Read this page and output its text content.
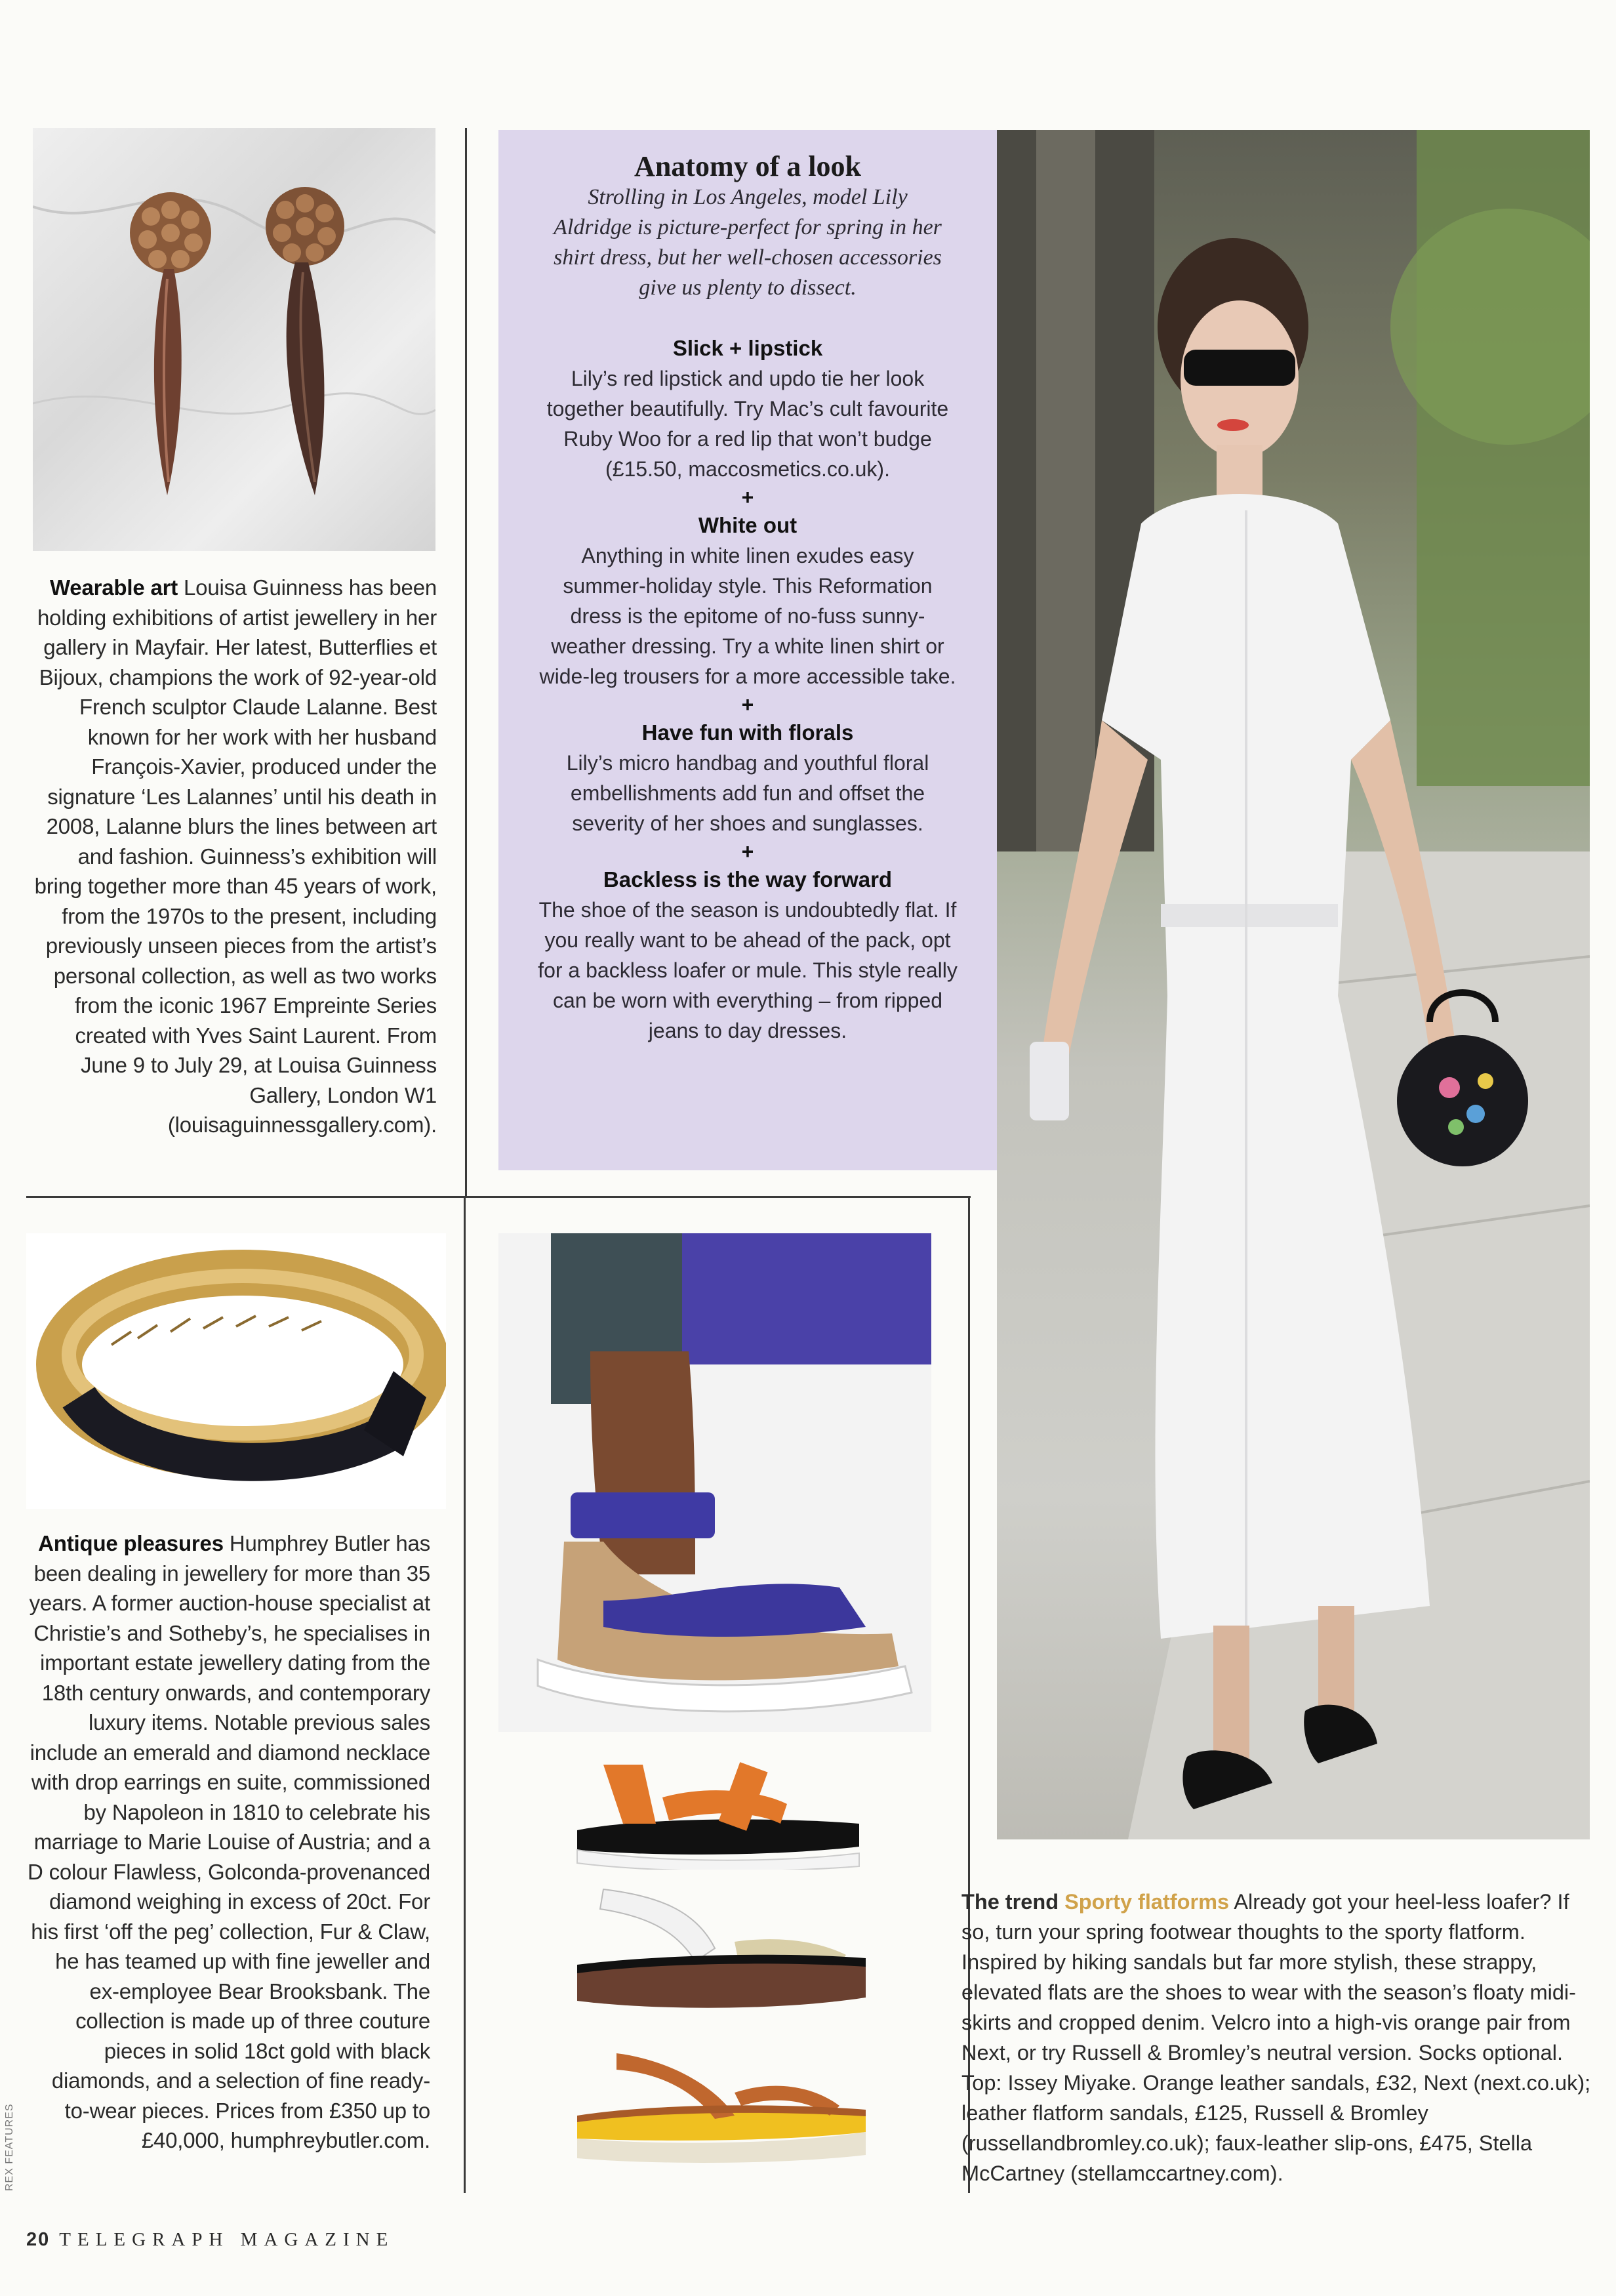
Wearable art Louisa Guinness has been holding exhibitions of artist jewellery in her gallery in Mayfair. Her latest, Butterflies et Bijoux, champions the work of 92-year-old French sculptor Claude Lalanne. Best known for her work with her husband François-Xavier, produced under the signature ‘Les Lalannes’ until his death in 2008, Lalanne blurs the lines between art and fashion. Guinness’s exhibition will bring together more than 45 years of work, from the 1970s to the present, including previously unseen pieces from the artist’s personal collection, as well as two works from the iconic 1967 Empreinte Series created with Yves Saint Laurent. From June 9 to July 29, at Louisa Guinness Gallery, London W1 (louisaguinnessgallery.com).
Anatomy of a look
Strolling in Los Angeles, model Lily Aldridge is picture-perfect for spring in her shirt dress, but her well-chosen accessories give us plenty to dissect.
Slick + lipstick
Lily’s red lipstick and updo tie her look together beautifully. Try Mac’s cult favourite Ruby Woo for a red lip that won’t budge (£15.50, maccosmetics.co.uk).
+
White out
Anything in white linen exudes easy summer-holiday style. This Reformation dress is the epitome of no-fuss sunny-weather dressing. Try a white linen shirt or wide-leg trousers for a more accessible take.
+
Have fun with florals
Lily’s micro handbag and youthful floral embellishments add fun and offset the severity of her shoes and sunglasses.
+
Backless is the way forward
The shoe of the season is undoubtedly flat. If you really want to be ahead of the pack, opt for a backless loafer or mule. This style really can be worn with everything – from ripped jeans to day dresses.
Antique pleasures Humphrey Butler has been dealing in jewellery for more than 35 years. A former auction-house specialist at Christie’s and Sotheby’s, he specialises in important estate jewellery dating from the 18th century onwards, and contemporary luxury items. Notable previous sales include an emerald and diamond necklace with drop earrings en suite, commissioned by Napoleon in 1810 to celebrate his marriage to Marie Louise of Austria; and a D colour Flawless, Golconda-provenanced diamond weighing in excess of 20ct. For his first ‘off the peg’ collection, Fur & Claw, he has teamed up with fine jeweller and ex-employee Bear Brooksbank. The collection is made up of three couture pieces in solid 18ct gold with black diamonds, and a selection of fine ready-to-wear pieces. Prices from £350 up to £40,000, humphreybutler.com.
The trend Sporty flatforms Already got your heel-less loafer? If so, turn your spring footwear thoughts to the sporty flatform. Inspired by hiking sandals but far more stylish, these strappy, elevated flats are the shoes to wear with the season’s floaty midi-skirts and cropped denim. Velcro into a high-vis orange pair from Next, or try Russell & Bromley’s neutral version. Socks optional. Top: Issey Miyake. Orange leather sandals, £32, Next (next.co.uk); leather flatform sandals, £125, Russell & Bromley (russellandbromley.co.uk); faux-leather slip-ons, £475, Stella McCartney (stellamccartney.com).
REX FEATURES
20 TELEGRAPH MAGAZINE
